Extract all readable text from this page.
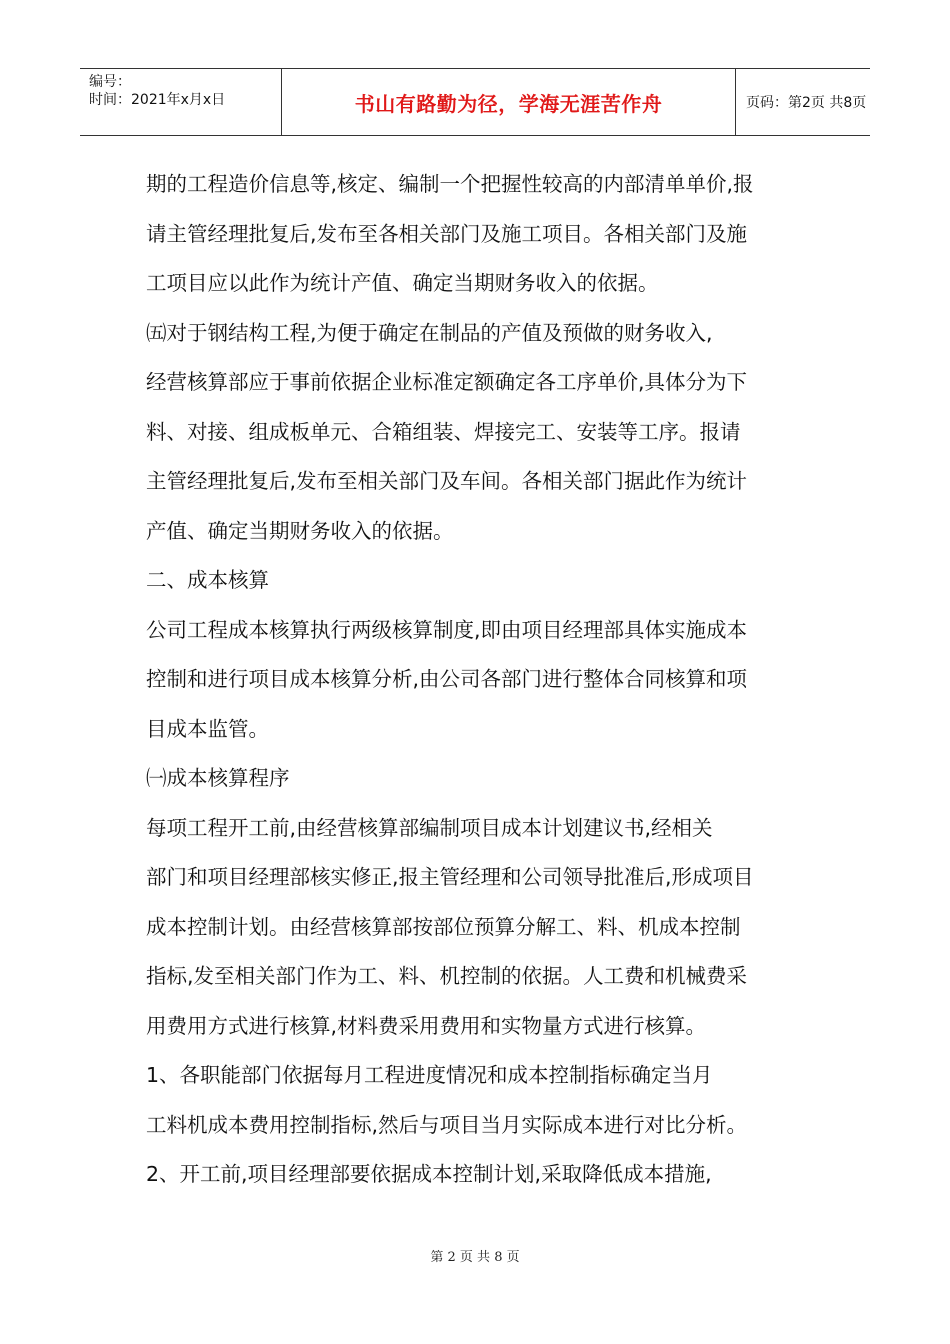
编号：
时间：2021年x月x日	书山有路勤为径，学海无涯苦作舟	页码：第2页 共8页

期的工程造价信息等,核定、编制一个把握性较高的内部清单单价,报

请主管经理批复后,发布至各相关部门及施工项目。各相关部门及施

工项目应以此作为统计产值、确定当期财务收入的依据。

㈤对于钢结构工程,为便于确定在制品的产值及预做的财务收入,

经营核算部应于事前依据企业标准定额确定各工序单价,具体分为下

料、对接、组成板单元、合箱组装、焊接完工、安装等工序。报请

主管经理批复后,发布至相关部门及车间。各相关部门据此作为统计

产值、确定当期财务收入的依据。

二、成本核算

公司工程成本核算执行两级核算制度,即由项目经理部具体实施成本

控制和进行项目成本核算分析,由公司各部门进行整体合同核算和项

目成本监管。

㈠成本核算程序

每项工程开工前,由经营核算部编制项目成本计划建议书,经相关

部门和项目经理部核实修正,报主管经理和公司领导批准后,形成项目

成本控制计划。由经营核算部按部位预算分解工、料、机成本控制

指标,发至相关部门作为工、料、机控制的依据。人工费和机械费采

用费用方式进行核算,材料费采用费用和实物量方式进行核算。

1、各职能部门依据每月工程进度情况和成本控制指标确定当月

工料机成本费用控制指标,然后与项目当月实际成本进行对比分析。

2、开工前,项目经理部要依据成本控制计划,采取降低成本措施,

第 2 页 共 8 页
